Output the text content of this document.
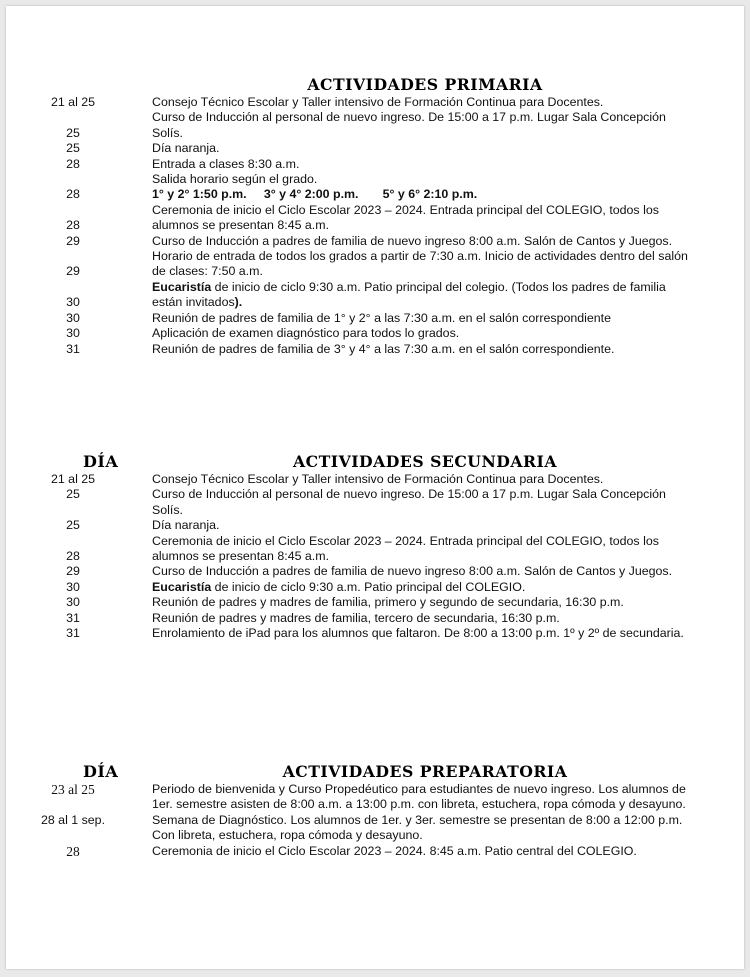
ACTIVIDADES PRIMARIA
21 al 25	Consejo Técnico Escolar y Taller intensivo de Formación Continua para Docentes.
25
Curso de Inducción al personal de nuevo ingreso. De 15:00 a 17 p.m. Lugar Sala Concepción Solís.
25	Día naranja.
28	Entrada a clases 8:30 a.m.
Salida horario según el grado.
28	1° y 2° 1:50 p.m. 3° y 4° 2:00 p.m. 5° y 6° 2:10 p.m.
28
Ceremonia de inicio el Ciclo Escolar 2023 – 2024. Entrada principal del COLEGIO, todos los alumnos se presentan 8:45 a.m.
29	Curso de Inducción a padres de familia de nuevo ingreso 8:00 a.m. Salón de Cantos y Juegos.
29
Horario de entrada de todos los grados a partir de 7:30 a.m. Inicio de actividades dentro del salón de clases: 7:50 a.m.
30
Eucaristía de inicio de ciclo 9:30 a.m. Patio principal del colegio. (Todos los padres de familia están invitados).
30	Reunión de padres de familia de 1° y 2° a las 7:30 a.m. en el salón correspondiente
30	Aplicación de examen diagnóstico para todos lo grados.
31	Reunión de padres de familia de 3° y 4° a las 7:30 a.m. en el salón correspondiente.
DÍA	ACTIVIDADES SECUNDARIA
21 al 25	Consejo Técnico Escolar y Taller intensivo de Formación Continua para Docentes.
25	Curso de Inducción al personal de nuevo ingreso. De 15:00 a 17 p.m. Lugar Sala Concepción Solís.
25	Día naranja.
28
Ceremonia de inicio el Ciclo Escolar 2023 – 2024. Entrada principal del COLEGIO, todos los alumnos se presentan 8:45 a.m.
29	Curso de Inducción a padres de familia de nuevo ingreso 8:00 a.m. Salón de Cantos y Juegos.
30	Eucaristía de inicio de ciclo 9:30 a.m. Patio principal del COLEGIO.
30	Reunión de padres y madres de familia, primero y segundo de secundaria, 16:30 p.m.
31	Reunión de padres y madres de familia, tercero de secundaria, 16:30 p.m.
31	Enrolamiento de iPad para los alumnos que faltaron. De 8:00 a 13:00 p.m. 1º y 2º de secundaria.
DÍA	ACTIVIDADES PREPARATORIA
23 al 25	Periodo de bienvenida y Curso Propedéutico para estudiantes de nuevo ingreso. Los alumnos de 1er. semestre asisten de 8:00 a.m. a 13:00 p.m. con libreta, estuchera, ropa cómoda y desayuno.
28 al 1 sep.	Semana de Diagnóstico. Los alumnos de 1er. y 3er. semestre se presentan de 8:00 a 12:00 p.m. Con libreta, estuchera, ropa cómoda y desayuno.
28	Ceremonia de inicio el Ciclo Escolar 2023 – 2024. 8:45 a.m. Patio central del COLEGIO.
